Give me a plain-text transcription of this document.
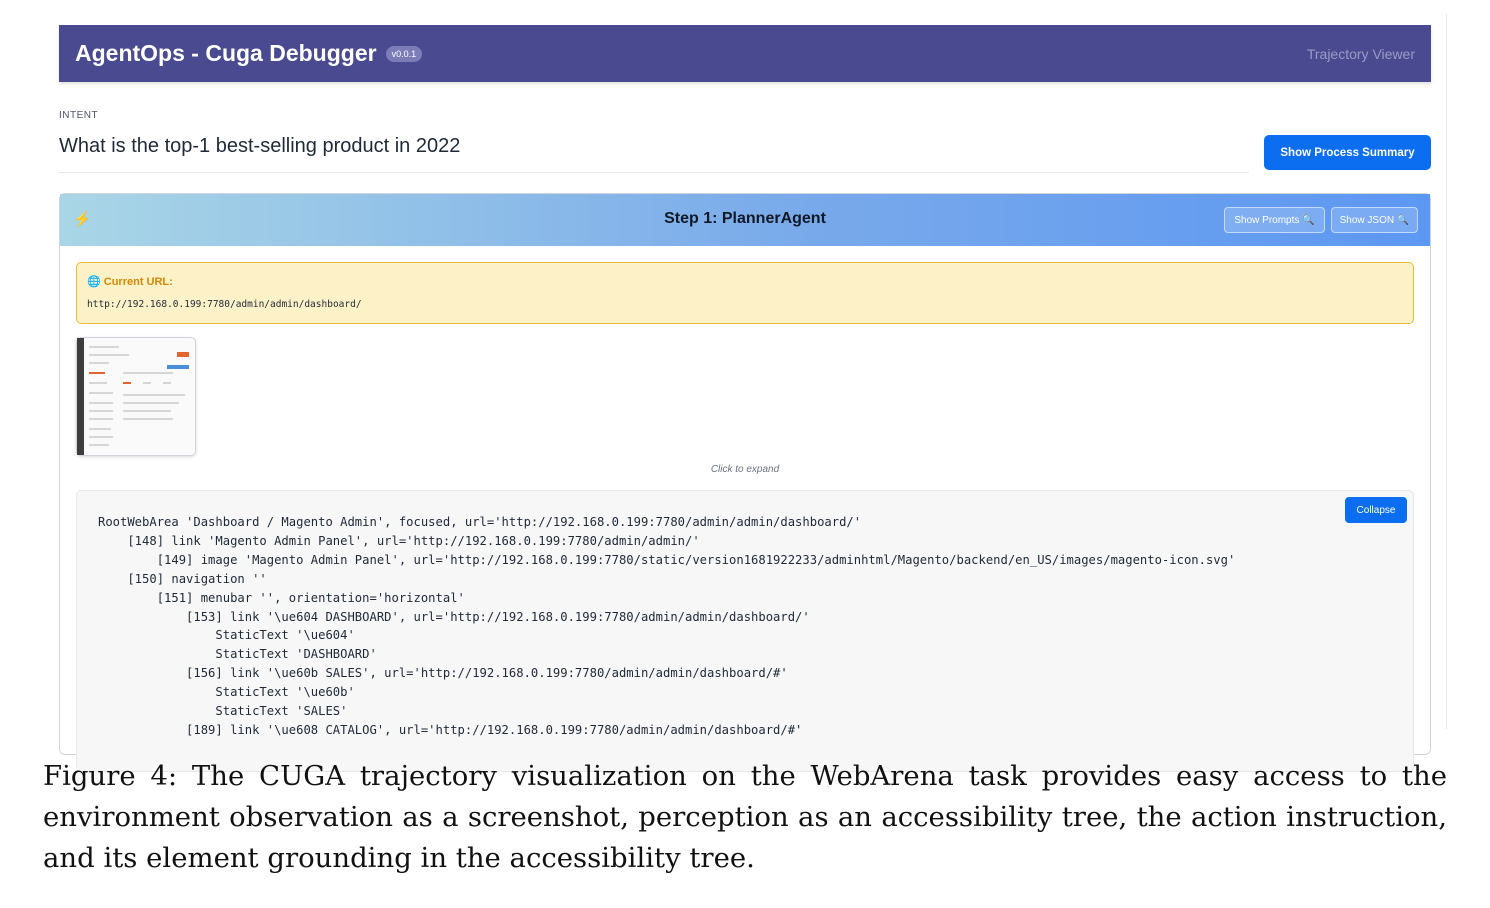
AgentOps - Cuga Debugger	v0.0.1	Trajectory Viewer
INTENT
What is the top-1 best-selling product in 2022	Show Process Summary
⚡	Step 1: PlannerAgent	Show Prompts 🔍	Show JSON 🔍
🌐 Current URL:
http://192.168.0.199:7780/admin/admin/dashboard/
Click to expand
Collapse
RootWebArea 'Dashboard / Magento Admin', focused, url='http://192.168.0.199:7780/admin/admin/dashboard/'
[148] link 'Magento Admin Panel', url='http://192.168.0.199:7780/admin/admin/'
[149] image 'Magento Admin Panel', url='http://192.168.0.199:7780/static/version1681922233/adminhtml/Magento/backend/en_US/images/magento-icon.svg'
[150] navigation ''
[151] menubar '', orientation='horizontal'
[153] link '\ue604 DASHBOARD', url='http://192.168.0.199:7780/admin/admin/dashboard/'
StaticText '\ue604'
StaticText 'DASHBOARD'
[156] link '\ue60b SALES', url='http://192.168.0.199:7780/admin/admin/dashboard/#'
StaticText '\ue60b'
StaticText 'SALES'
[189] link '\ue608 CATALOG', url='http://192.168.0.199:7780/admin/admin/dashboard/#'
Figure 4: The CUGA trajectory visualization on the WebArena task provides easy access to the environment observation as a screenshot, perception as an accessibility tree, the action instruction, and its element grounding in the accessibility tree.
